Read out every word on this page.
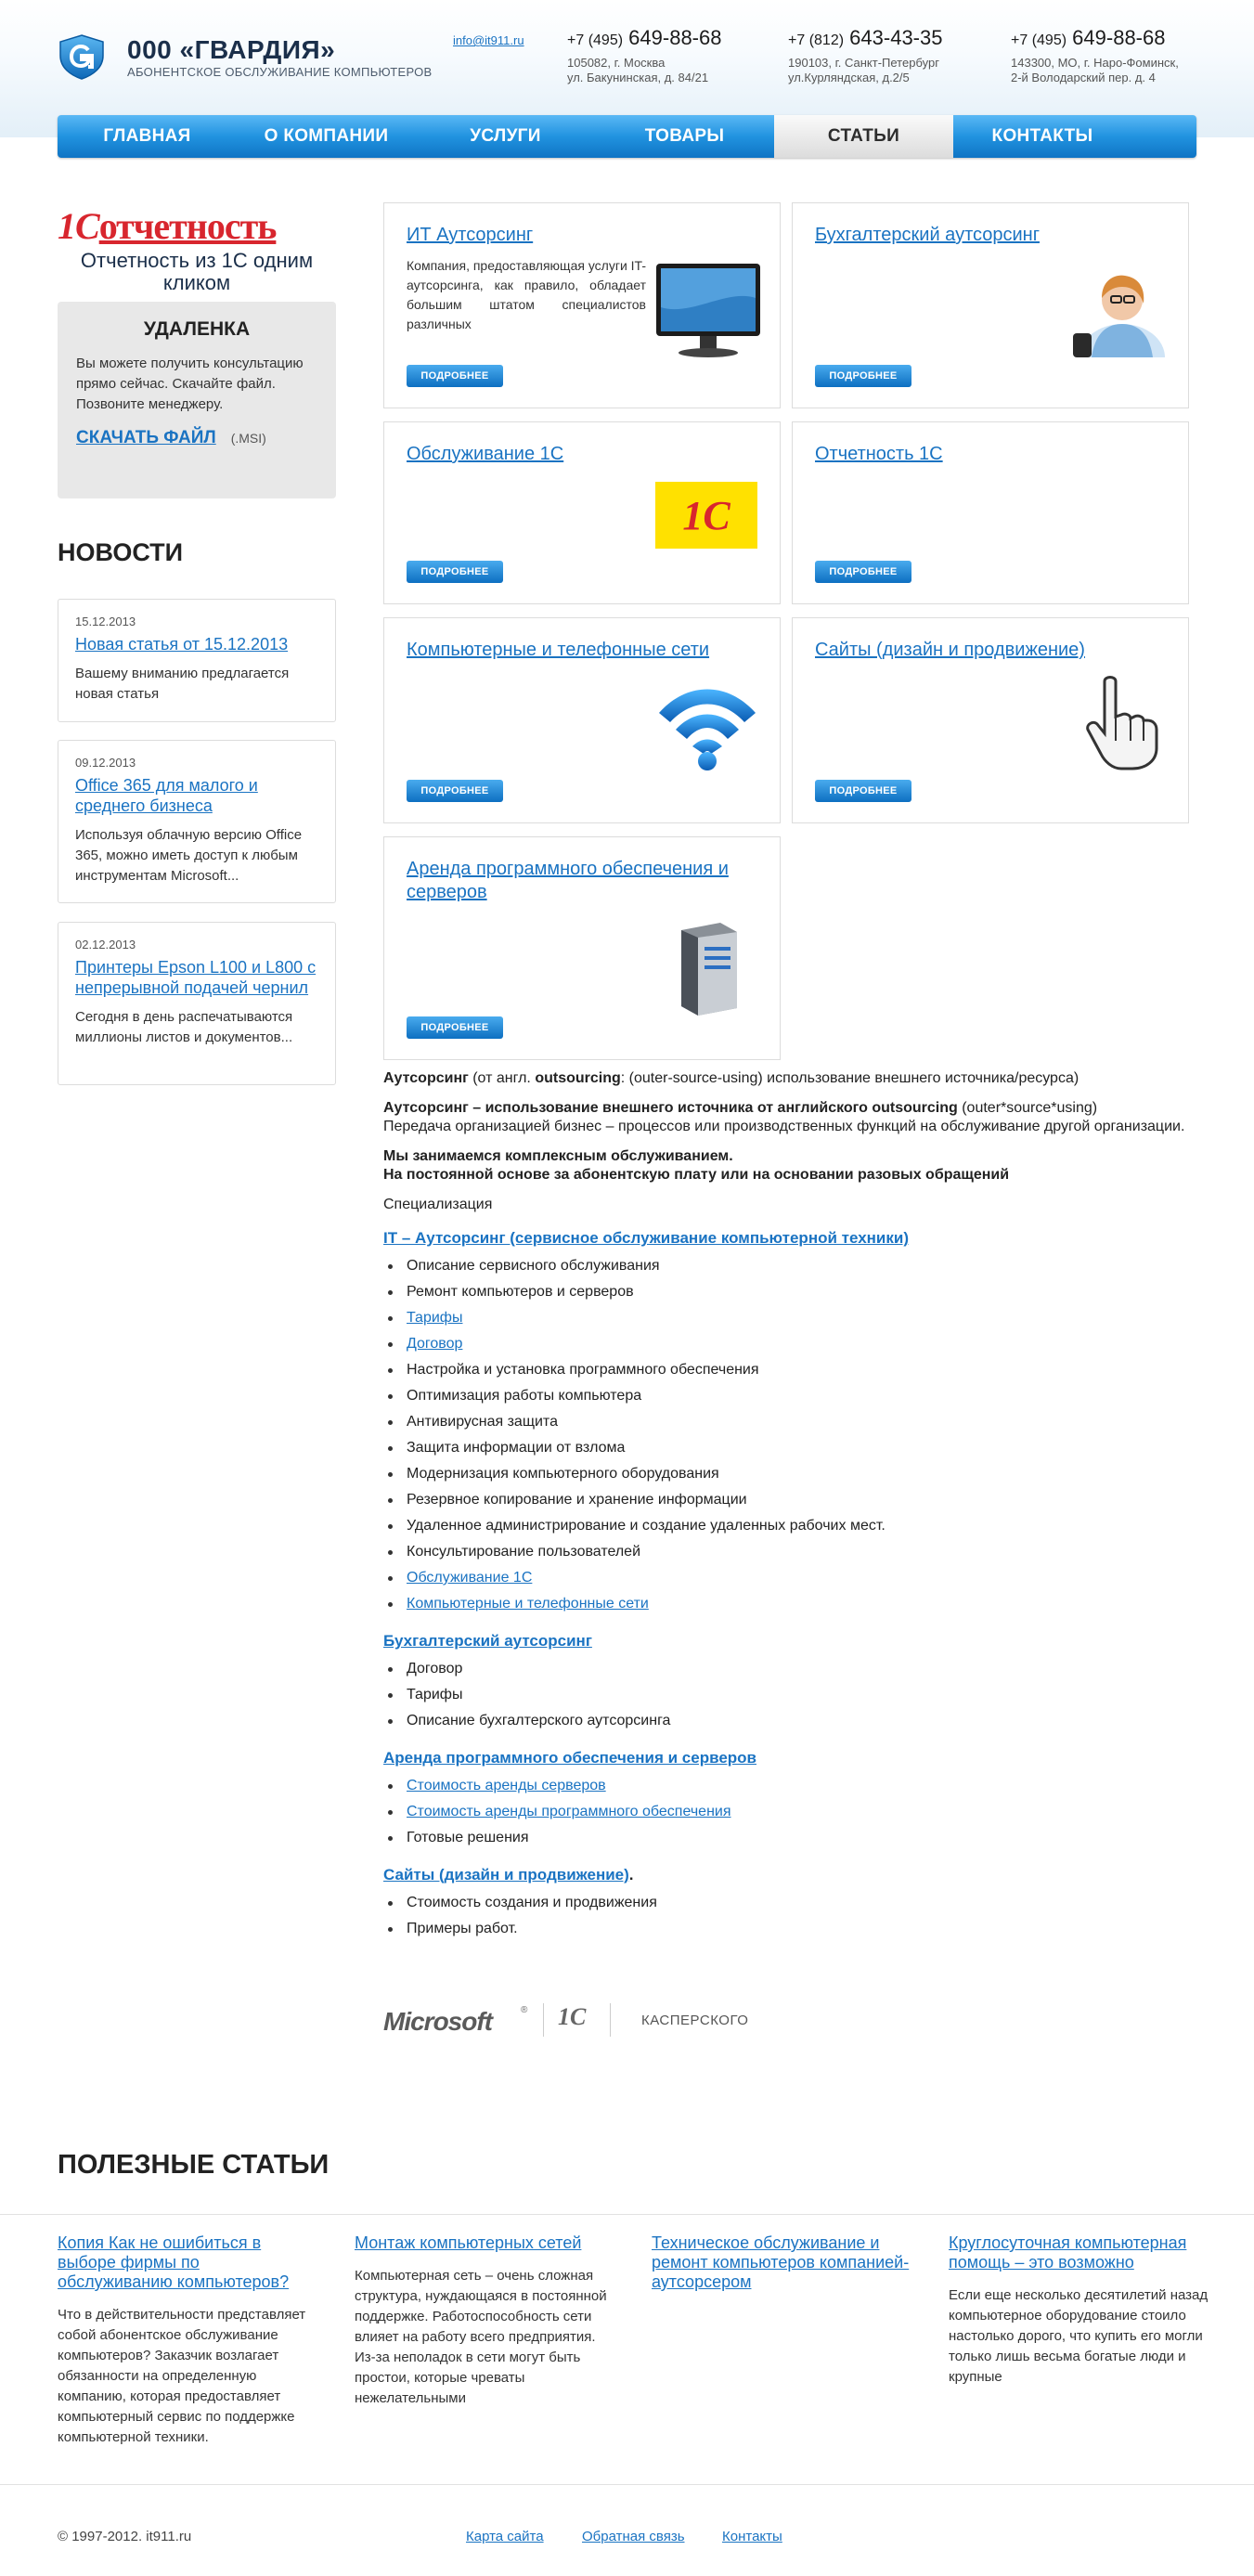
000 «ГВАРДИЯ»
АБОНЕНТСКОЕ ОБСЛУЖИВАНИЕ КОМПЬЮТЕРОВ
info@it911.ru	+7 (495) 649-88-68
105082, г. Москва
ул. Бакунинская, д. 84/21
+7 (812) 643-43-35
190103, г. Санкт-Петербург
ул.Курляндская, д.2/5
+7 (495) 649-88-68
143300, МО, г. Наро-Фоминск,
2-й Володарский пер. д. 4
ГЛАВНАЯ	О КОМПАНИИ	УСЛУГИ	ТОВАРЫ	СТАТЬИ	КОНТАКТЫ
1Сотчетность
Отчетность из 1С одним кликом
УДАЛЕНКА
Вы можете получить консультацию прямо сейчас. Скачайте файл. Позвоните менеджеру.
СКАЧАТЬ ФАЙЛ (.MSI)
НОВОСТИ
15.12.2013
Новая статья от 15.12.2013
Вашему вниманию предлагается новая статья
09.12.2013
Office 365 для малого и среднего бизнеса
Используя облачную версию Office 365, можно иметь доступ к любым инструментам Microsoft...
02.12.2013
Принтеры Epson L100 и L800 с непрерывной подачей чернил
Сегодня в день распечатываются миллионы листов и документов...
ИТ Аутсорсинг
Компания, предоставляющая услуги IT-аутсорсинга, как правило, обладает большим штатом специалистов различных
ПОДРОБНЕЕ
Бухгалтерский аутсорсинг
ПОДРОБНЕЕ
Обслуживание 1С
1С
ПОДРОБНЕЕ
Отчетность 1С
ПОДРОБНЕЕ
Компьютерные и телефонные сети
ПОДРОБНЕЕ
Сайты (дизайн и продвижение)
ПОДРОБНЕЕ
Аренда программного обеспечения и серверов
ПОДРОБНЕЕ

Аутсорсинг (от англ. outsourcing: (outer-source-using) использование внешнего источника/ресурса)

Аутсорсинг – использование внешнего источника от английского outsourcing (outer*source*using)

Передача организацией бизнес – процессов или производственных функций на обслуживание другой организации.

Мы занимаемся комплексным обслуживанием.

На постоянной основе за абонентскую плату или на основании разовых обращений

Специализация

IT – Аутсорсинг (сервисное обслуживание компьютерной техники)
Описание сервисного обслуживания
Ремонт компьютеров и серверов
Тарифы
Договор
Настройка и установка программного обеспечения
Оптимизация работы компьютера
Антивирусная защита
Защита информации от взлома
Модернизация компьютерного оборудования
Резервное копирование и хранение информации
Удаленное администрирование и создание удаленных рабочих мест.
Консультирование пользователей
Обслуживание 1С
Компьютерные и телефонные сети
Бухгалтерский аутсорсинг
Договор
Тарифы
Описание бухгалтерского аутсорсинга
Аренда программного обеспечения и серверов
Стоимость аренды серверов
Стоимость аренды программного обеспечения
Готовые решения
Сайты (дизайн и продвижение).
Стоимость создания и продвижения
Примеры работ.
Microsoft	® 1С	КАСПЕРСКОГО
ПОЛЕЗНЫЕ СТАТЬИ
Копия Как не ошибиться в выборе фирмы по обслуживанию компьютеров?
Что в действительности представляет собой абонентское обслуживание компьютеров? Заказчик возлагает обязанности на определенную компанию, которая предоставляет компьютерный сервис по поддержке компьютерной техники.
Монтаж компьютерных сетей
Компьютерная сеть – очень сложная структура, нуждающаяся в постоянной поддержке. Работоспособность сети влияет на работу всего предприятия. Из-за неполадок в сети могут быть простои, которые чреваты нежелательными
Техническое обслуживание и ремонт компьютеров компанией-аутсорсером
Круглосуточная компьютерная помощь – это возможно
Если еще несколько десятилетий назад компьютерное оборудование стоило настолько дорого, что купить его могли только лишь весьма богатые люди и крупные
© 1997-2012. it911.ru	Карта сайта	Обратная связь	Контакты
